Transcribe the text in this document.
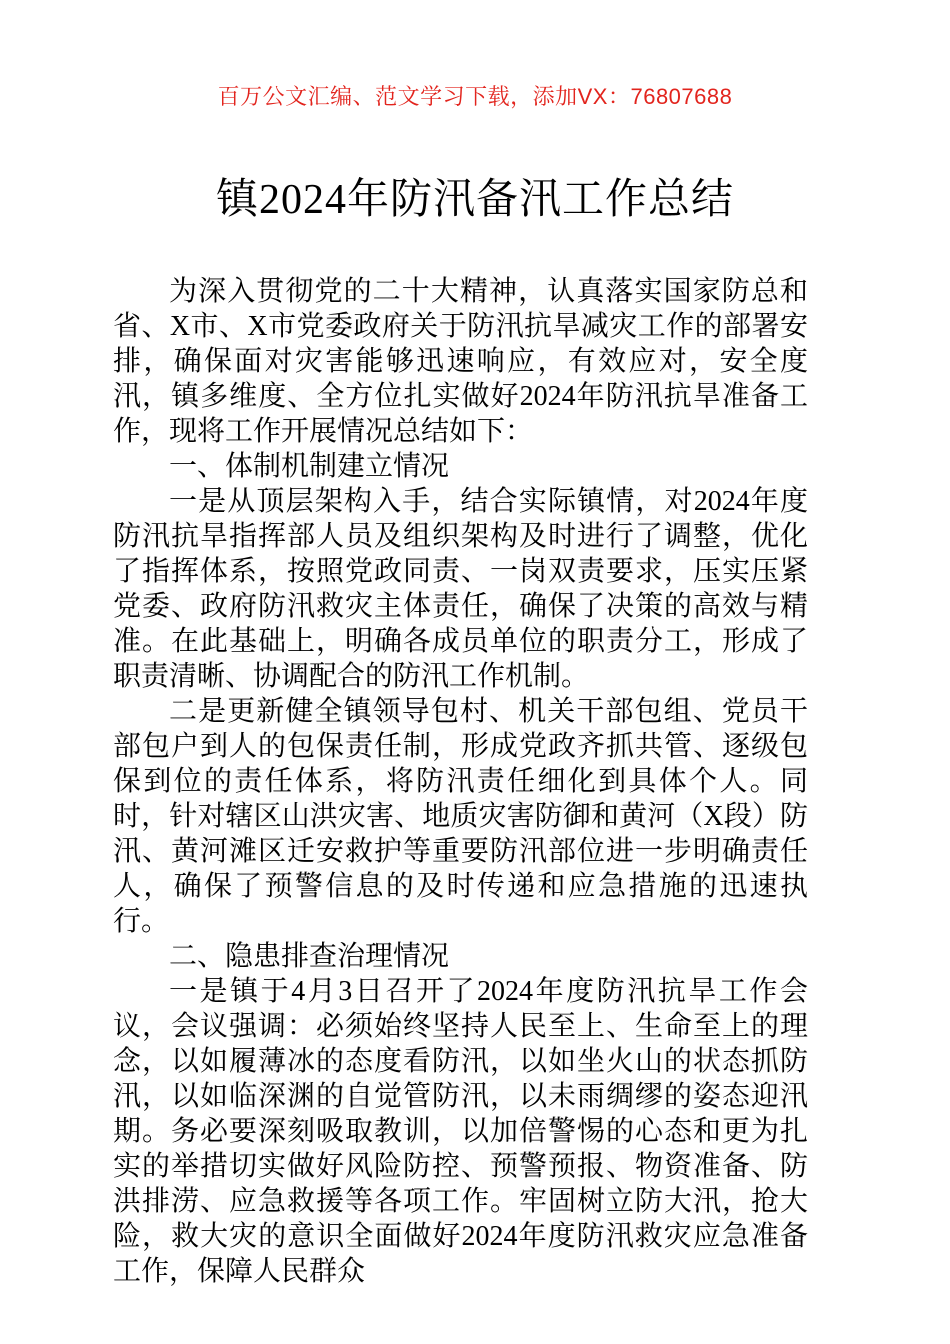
百万公文汇编、范文学习下载，添加VX：76807688
镇2024年防汛备汛工作总结

为深入贯彻党的二十大精神，认真落实国家防总和省、X市、X市党委政府关于防汛抗旱减灾工作的部署安排，确保面对灾害能够迅速响应，有效应对，安全度汛，镇多维度、全方位扎实做好2024年防汛抗旱准备工作，现将工作开展情况总结如下：

一、体制机制建立情况

一是从顶层架构入手，结合实际镇情，对2024年度防汛抗旱指挥部人员及组织架构及时进行了调整，优化了指挥体系，按照党政同责、一岗双责要求，压实压紧党委、政府防汛救灾主体责任，确保了决策的高效与精准。在此基础上，明确各成员单位的职责分工，形成了职责清晰、协调配合的防汛工作机制。

二是更新健全镇领导包村、机关干部包组、党员干部包户到人的包保责任制，形成党政齐抓共管、逐级包保到位的责任体系，将防汛责任细化到具体个人。同时，针对辖区山洪灾害、地质灾害防御和黄河（X段）防汛、黄河滩区迁安救护等重要防汛部位进一步明确责任人，确保了预警信息的及时传递和应急措施的迅速执行。

二、隐患排查治理情况

一是镇于4月3日召开了2024年度防汛抗旱工作会议，会议强调：必须始终坚持人民至上、生命至上的理念，以如履薄冰的态度看防汛，以如坐火山的状态抓防汛，以如临深渊的自觉管防汛，以未雨绸缪的姿态迎汛期。务必要深刻吸取教训，以加倍警惕的心态和更为扎实的举措切实做好风险防控、预警预报、物资准备、防洪排涝、应急救援等各项工作。牢固树立防大汛，抢大险，救大灾的意识全面做好2024年度防汛救灾应急准备工作，保障人民群众
